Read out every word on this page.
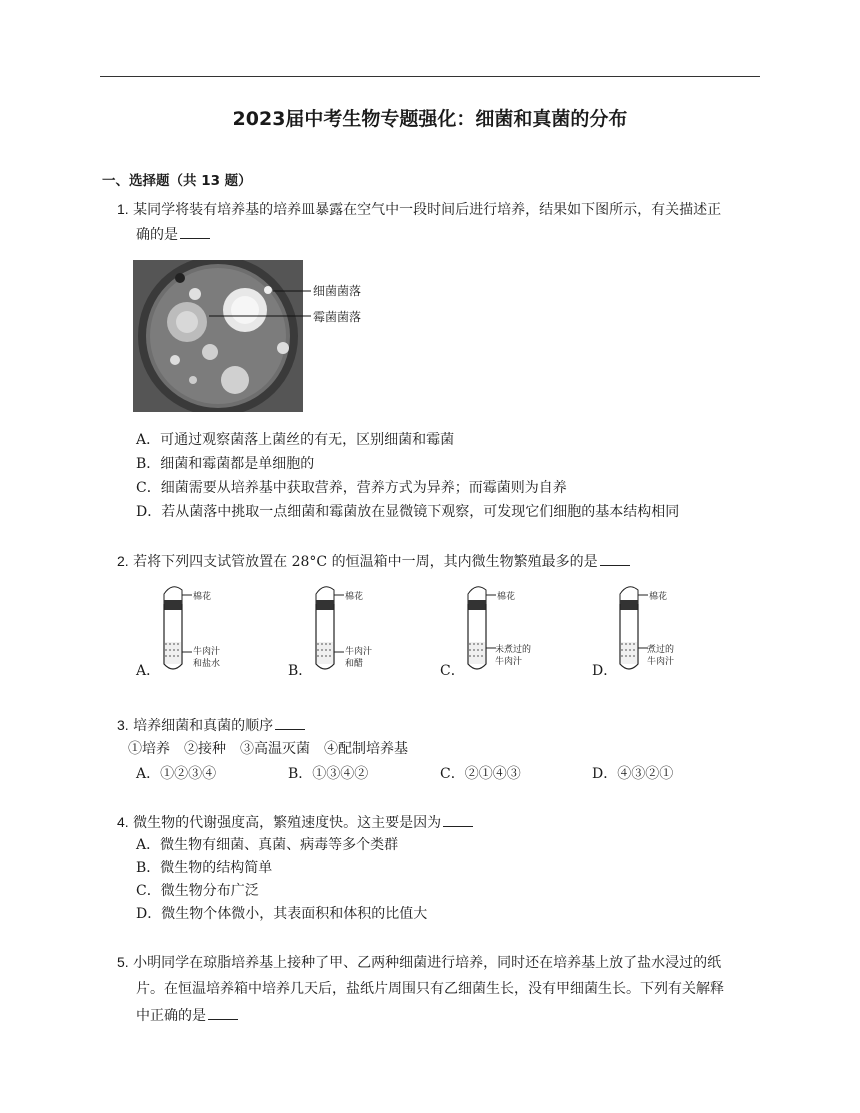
2023届中考生物专题强化：细菌和真菌的分布
一、选择题（共 13 题）
1. 某同学将装有培养基的培养皿暴露在空气中一段时间后进行培养，结果如下图所示，有关描述正
确的是
细菌菌落
霉菌菌落
A．可通过观察菌落上菌丝的有无，区别细菌和霉菌
B．细菌和霉菌都是单细胞的
C．细菌需要从培养基中获取营养，营养方式为异养；而霉菌则为自养
D．若从菌落中挑取一点细菌和霉菌放在显微镜下观察，可发现它们细胞的基本结构相同
2. 若将下列四支试管放置在 28°C 的恒温箱中一周，其内微生物繁殖最多的是
A．
棉花
牛肉汁
和盐水	B．
棉花
牛肉汁
和醋	C．
棉花
未煮过的
牛肉汁
D．
棉花
煮过的
牛肉汁
3. 培养细菌和真菌的顺序
①培养　②接种　③高温灭菌　④配制培养基
A．①②③④	B．①③④②	C．②①④③	D．④③②①
4. 微生物的代谢强度高，繁殖速度快。这主要是因为
A．微生物有细菌、真菌、病毒等多个类群
B．微生物的结构简单
C．微生物分布广泛
D．微生物个体微小，其表面积和体积的比值大
5. 小明同学在琼脂培养基上接种了甲、乙两种细菌进行培养，同时还在培养基上放了盐水浸过的纸
片。在恒温培养箱中培养几天后，盐纸片周围只有乙细菌生长，没有甲细菌生长。下列有关解释
中正确的是
